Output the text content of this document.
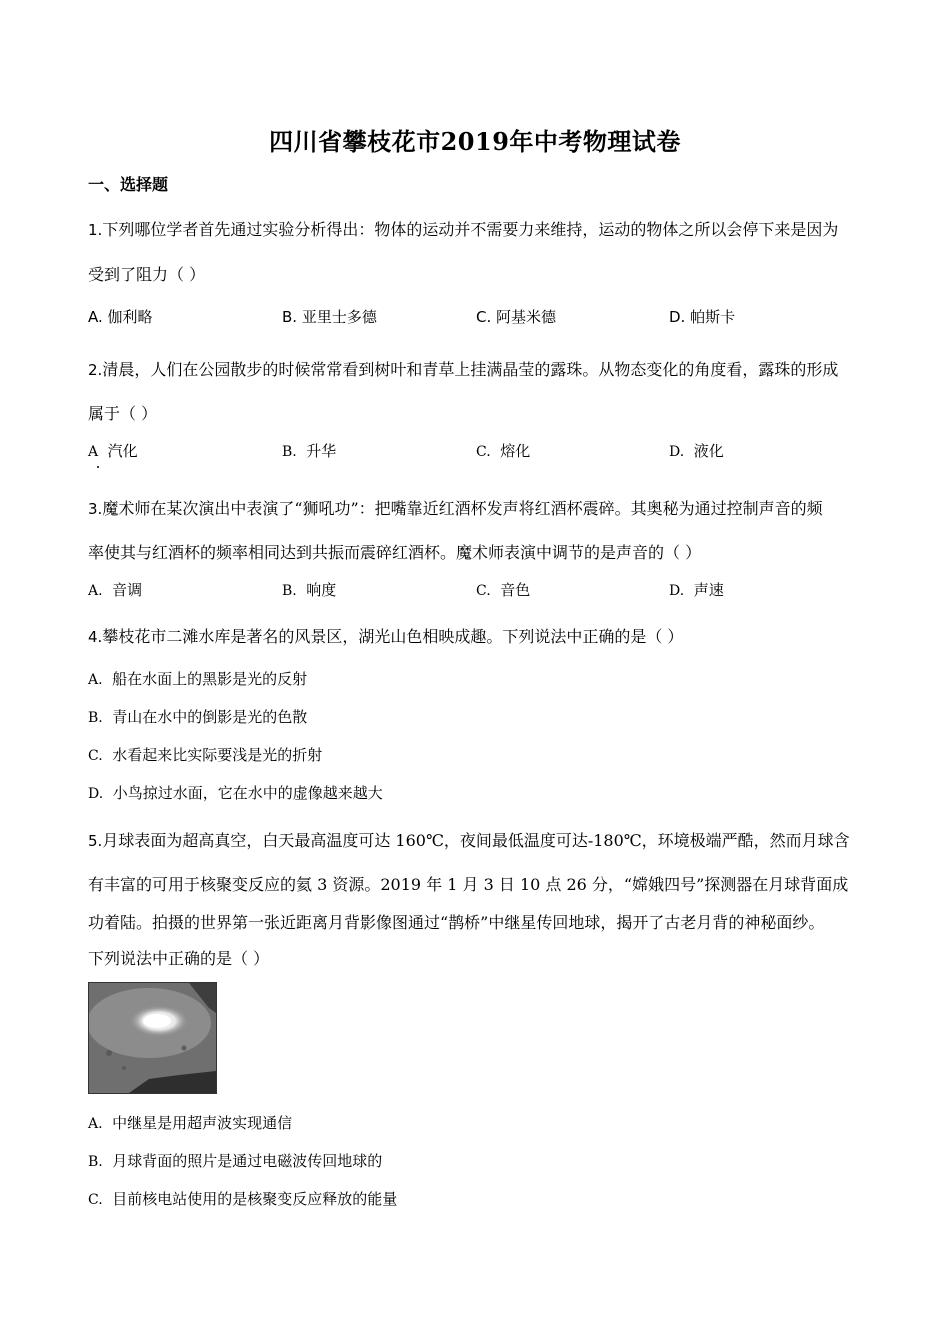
四川省攀枝花市2019年中考物理试卷
一、选择题
1.下列哪位学者首先通过实验分析得出：物体的运动并不需要力来维持，运动的物体之所以会停下来是因为
受到了阻力（ ）
A. 伽利略	B. 亚里士多德	C. 阿基米德	D. 帕斯卡
2.清晨，人们在公园散步的时候常常看到树叶和青草上挂满晶莹的露珠。从物态变化的角度看，露珠的形成
属于（ ）
A 汽化	B. 升华	C. 熔化	D. 液化
3.魔术师在某次演出中表演了“狮吼功”：把嘴靠近红酒杯发声将红酒杯震碎。其奥秘为通过控制声音的频
率使其与红酒杯的频率相同达到共振而震碎红酒杯。魔术师表演中调节的是声音的（ ）
A. 音调	B. 响度	C. 音色	D. 声速
4.攀枝花市二滩水库是著名的风景区，湖光山色相映成趣。下列说法中正确的是（ ）
A. 船在水面上的黑影是光的反射
B. 青山在水中的倒影是光的色散
C. 水看起来比实际要浅是光的折射
D. 小鸟掠过水面，它在水中的虚像越来越大
5.月球表面为超高真空，白天最高温度可达 160℃，夜间最低温度可达-180℃，环境极端严酷，然而月球含
有丰富的可用于核聚变反应的氦 3 资源。2019 年 1 月 3 日 10 点 26 分，“嫦娥四号”探测器在月球背面成
功着陆。拍摄的世界第一张近距离月背影像图通过“鹊桥”中继星传回地球，揭开了古老月背的神秘面纱。
下列说法中正确的是（ ）
A. 中继星是用超声波实现通信
B. 月球背面的照片是通过电磁波传回地球的
C. 目前核电站使用的是核聚变反应释放的能量
